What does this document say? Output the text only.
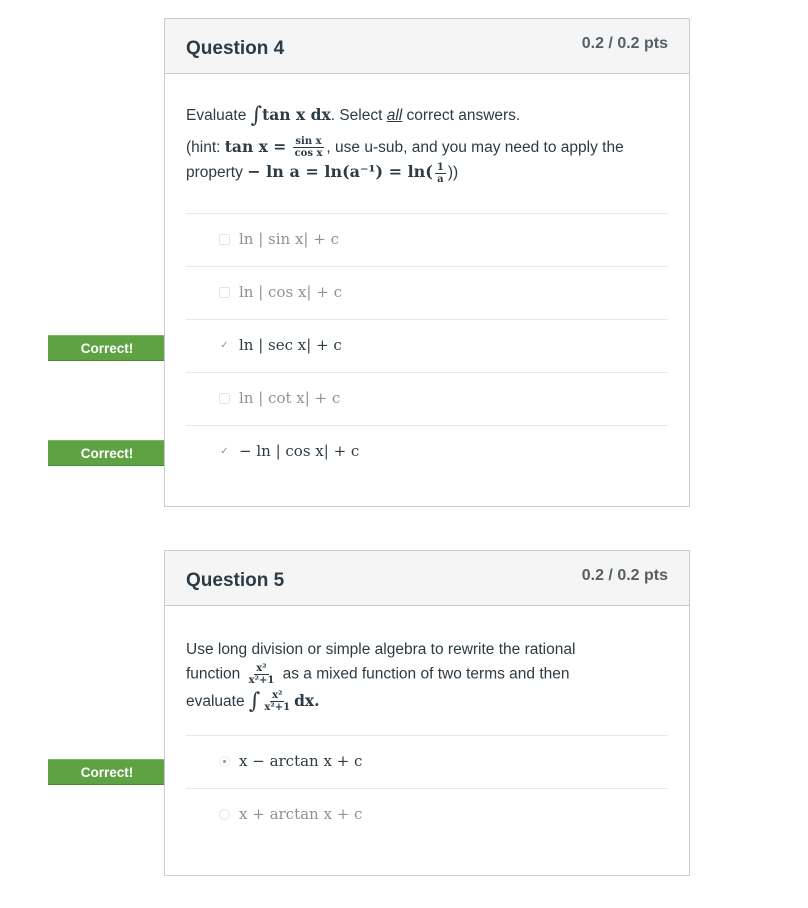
Correct!
Correct!
Correct!
Question 4	0.2 / 0.2 pts
Evaluate ∫tan x dx. Select all correct answers.
(hint: $\tan x = \frac{\text{sin x}}{\text{cos x}}$ , use u-sub, and you may need to apply the
property − $\ln a = \ln(a^{-1}) = \ln( \frac{1}{a}$ ))
ln | sin x| + c
ln | cos x| + c
✓ ln | sec x| + c
ln | cot x| + c
✓ − ln | cos x| + c
Question 5	0.2 / 0.2 pts
Use long division or simple algebra to rewrite the rational
function $\frac{\text{x²}}{\text{x²+1}}$ as a mixed function of two terms and then
evaluate ∫ $\frac{\text{x²}}{\text{x²+1}}$ dx.
x − arctan x + c
x + arctan x + c
